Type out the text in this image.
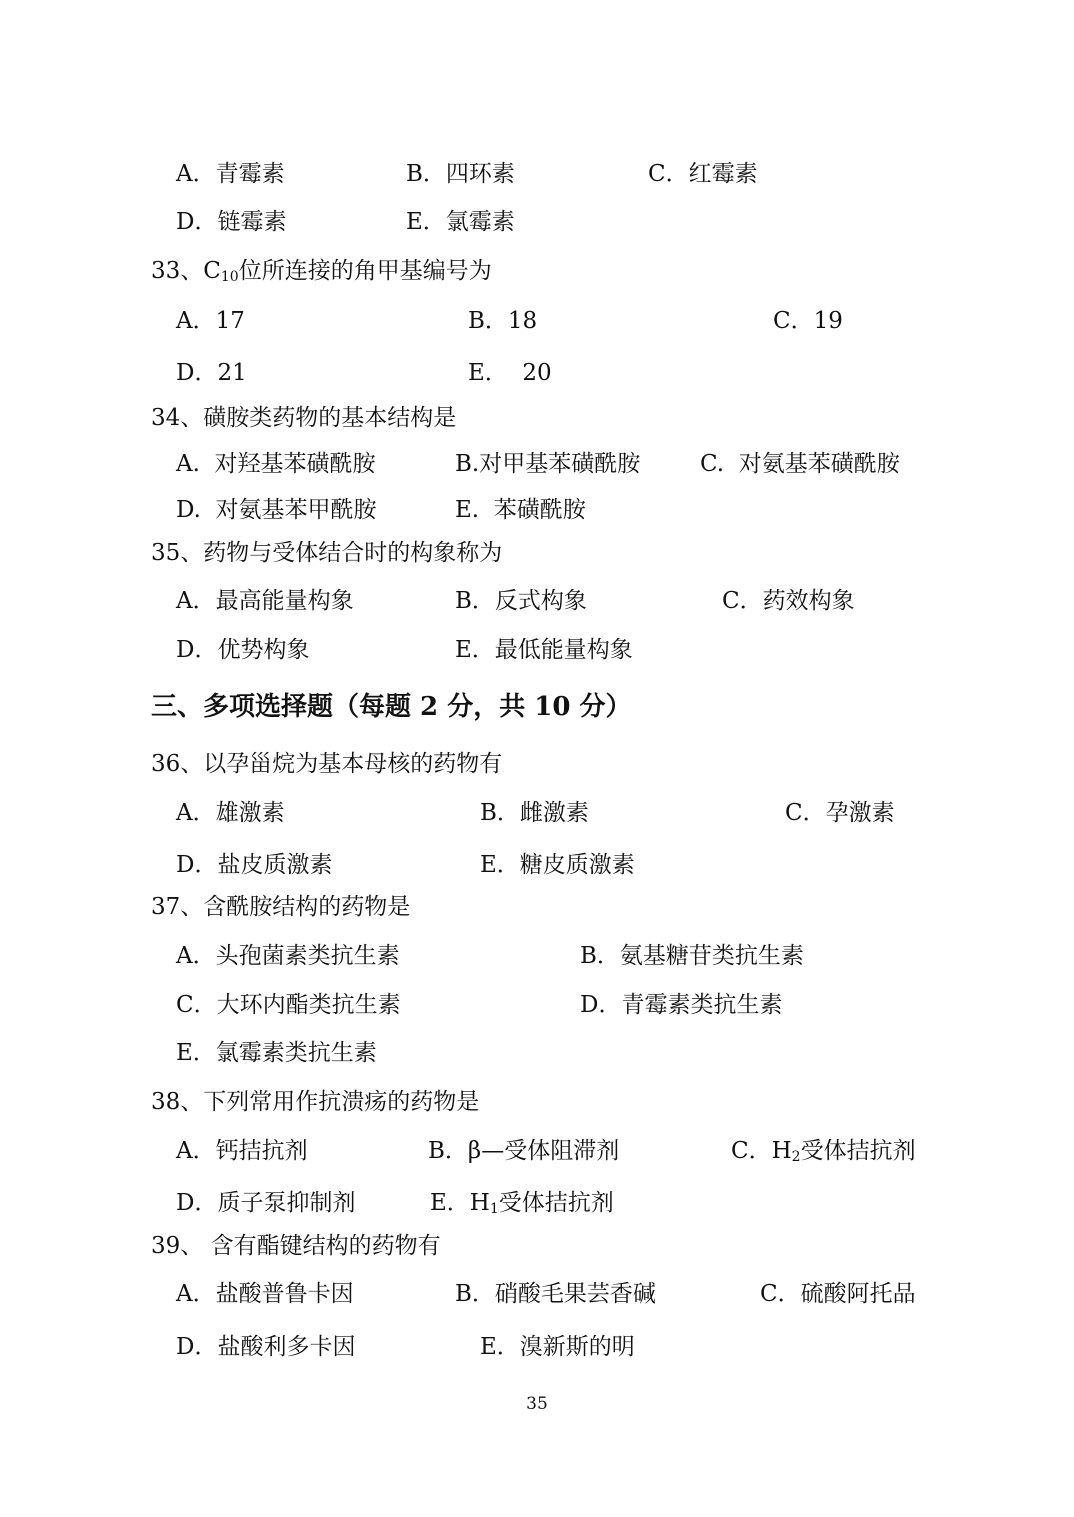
A．青霉素	B．四环素	C．红霉素
D．链霉素	E．氯霉素
33、$C_{10}$位所连接的角甲基编号为
A．17	B．18	C．19
D．21	E．  20
34、磺胺类药物的基本结构是
A.  对羟基苯磺酰胺	B.对甲基苯磺酰胺	C.  对氨基苯磺酰胺
D.  对氨基苯甲酰胺	E.  苯磺酰胺
35、药物与受体结合时的构象称为
A．最高能量构象	B．反式构象	C．药效构象
D．优势构象	E．最低能量构象
三、多项选择题（每题 2 分，共 10 分）
36、以孕甾烷为基本母核的药物有
A．雄激素	B．雌激素	C．孕激素
D．盐皮质激素	E．糖皮质激素
37、含酰胺结构的药物是
A．头孢菌素类抗生素	B．氨基糖苷类抗生素
C．大环内酯类抗生素	D．青霉素类抗生素
E．氯霉素类抗生素
38、下列常用作抗溃疡的药物是
A．钙拮抗剂	B．β—受体阻滞剂	C．$H_2$受体拮抗剂
D．质子泵抑制剂	E．$H_1$受体拮抗剂
39、 含有酯键结构的药物有
A．盐酸普鲁卡因	B．硝酸毛果芸香碱	C．硫酸阿托品
D．盐酸利多卡因	E．溴新斯的明
35
